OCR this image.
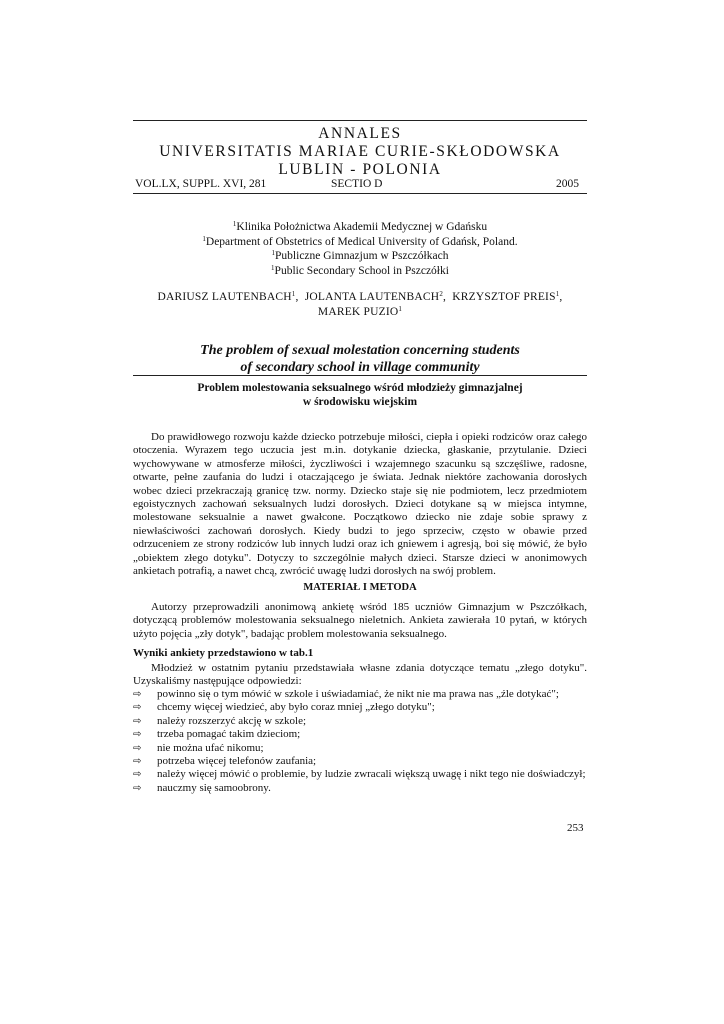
ANNALES
UNIVERSITATIS MARIAE CURIE-SKŁODOWSKA
LUBLIN - POLONIA
VOL.LX, SUPPL. XVI, 281	SECTIO D	2005
$^1$Klinika Położnictwa Akademii Medycznej w Gdańsku
$^1$Department of Obstetrics of Medical University of Gdańsk, Poland.
$^1$Publiczne Gimnazjum w Pszczółkach
$^1$Public Secondary School in Pszczółki
DARIUSZ LAUTENBACH$^1$,  JOLANTA LAUTENBACH$^2$,  KRZYSZTOF PREIS$^1$,
MAREK PUZIO$^1$
The problem of sexual molestation concerning students
of secondary school in village community
Problem molestowania seksualnego wśród młodzieży gimnazjalnej
w środowisku wiejskim

Do prawidłowego rozwoju każde dziecko potrzebuje miłości, ciepła i opieki rodziców oraz całego otoczenia. Wyrazem tego uczucia jest m.in. dotykanie dziecka, głaskanie, przytulanie. Dzieci wychowywane w atmosferze miłości, życzliwości i wzajemnego szacunku są szczęśliwe, radosne, otwarte, pełne zaufania do ludzi i otaczającego je świata. Jednak niektóre zachowania dorosłych wobec dzieci przekraczają granicę tzw. normy. Dziecko staje się nie podmiotem, lecz przedmiotem egoistycznych zachowań seksualnych ludzi dorosłych. Dzieci dotykane są w miejsca intymne, molestowane seksualnie a nawet gwałcone. Początkowo dziecko nie zdaje sobie sprawy z niewłaściwości zachowań dorosłych. Kiedy budzi to jego sprzeciw, często w obawie przed odrzuceniem ze strony rodziców lub innych ludzi oraz ich gniewem i agresją, boi się mówić, że było „obiektem złego dotyku". Dotyczy to szczególnie małych dzieci. Starsze dzieci w anonimowych ankietach potrafią, a nawet chcą, zwrócić uwagę ludzi dorosłych na swój problem.

MATERIAŁ I METODA

Autorzy przeprowadzili anonimową ankietę wśród 185 uczniów Gimnazjum w Pszczółkach, dotyczącą problemów molestowania seksualnego nieletnich. Ankieta zawierała 10 pytań, w których użyto pojęcia „zły dotyk", badając problem molestowania seksualnego.

Wyniki ankiety przedstawiono w tab.1

Młodzież w ostatnim pytaniu przedstawiała własne zdania dotyczące tematu „złego dotyku". Uzyskaliśmy następujące odpowiedzi:

⇨ powinno się o tym mówić w szkole i uświadamiać, że nikt nie ma prawa nas „źle dotykać";
⇨ chcemy więcej wiedzieć, aby było coraz mniej „złego dotyku";
⇨ należy rozszerzyć akcję w szkole;
⇨ trzeba pomagać takim dzieciom;
⇨ nie można ufać nikomu;
⇨ potrzeba więcej telefonów zaufania;
⇨ należy więcej mówić o problemie, by ludzie zwracali większą uwagę i nikt tego nie doświadczył;
⇨ nauczmy się samoobrony.
253
